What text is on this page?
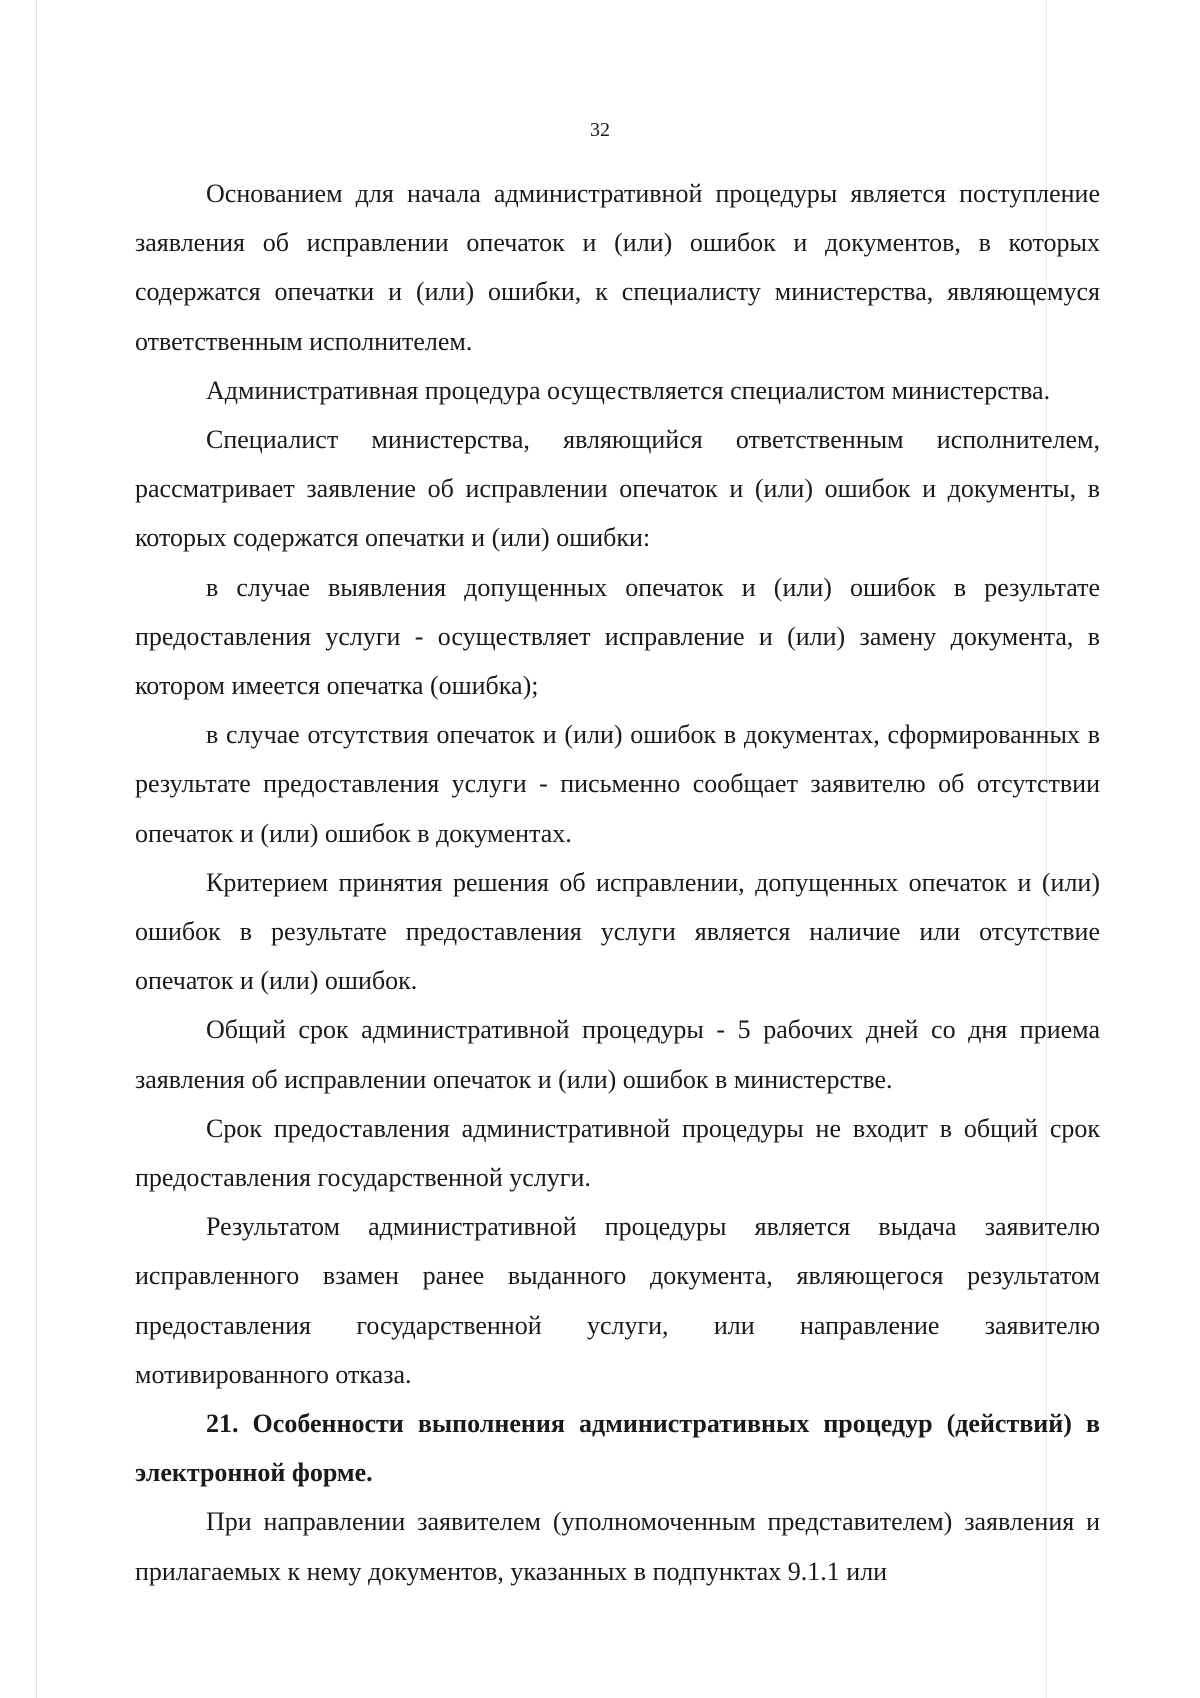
32

Основанием для начала административной процедуры является поступление заявления об исправлении опечаток и (или) ошибок и документов, в которых содержатся опечатки и (или) ошибки, к специалисту министерства, являющемуся ответственным исполнителем.

Административная процедура осуществляется специалистом министерства.

Специалист министерства, являющийся ответственным исполнителем, рассматривает заявление об исправлении опечаток и (или) ошибок и документы, в которых содержатся опечатки и (или) ошибки:

в случае выявления допущенных опечаток и (или) ошибок в результате предоставления услуги - осуществляет исправление и (или) замену документа, в котором имеется опечатка (ошибка);

в случае отсутствия опечаток и (или) ошибок в документах, сформированных в результате предоставления услуги - письменно сообщает заявителю об отсутствии опечаток и (или) ошибок в документах.

Критерием принятия решения об исправлении, допущенных опечаток и (или) ошибок в результате предоставления услуги является наличие или отсутствие опечаток и (или) ошибок.

Общий срок административной процедуры - 5 рабочих дней со дня приема заявления об исправлении опечаток и (или) ошибок в министерстве.

Срок предоставления административной процедуры не входит в общий срок предоставления государственной услуги.

Результатом административной процедуры является выдача заявителю исправленного взамен ранее выданного документа, являющегося результатом предоставления государственной услуги, или направление заявителю мотивированного отказа.

21. Особенности выполнения административных процедур (действий) в электронной форме.

При направлении заявителем (уполномоченным представителем) заявления и прилагаемых к нему документов, указанных в подпунктах 9.1.1 или
